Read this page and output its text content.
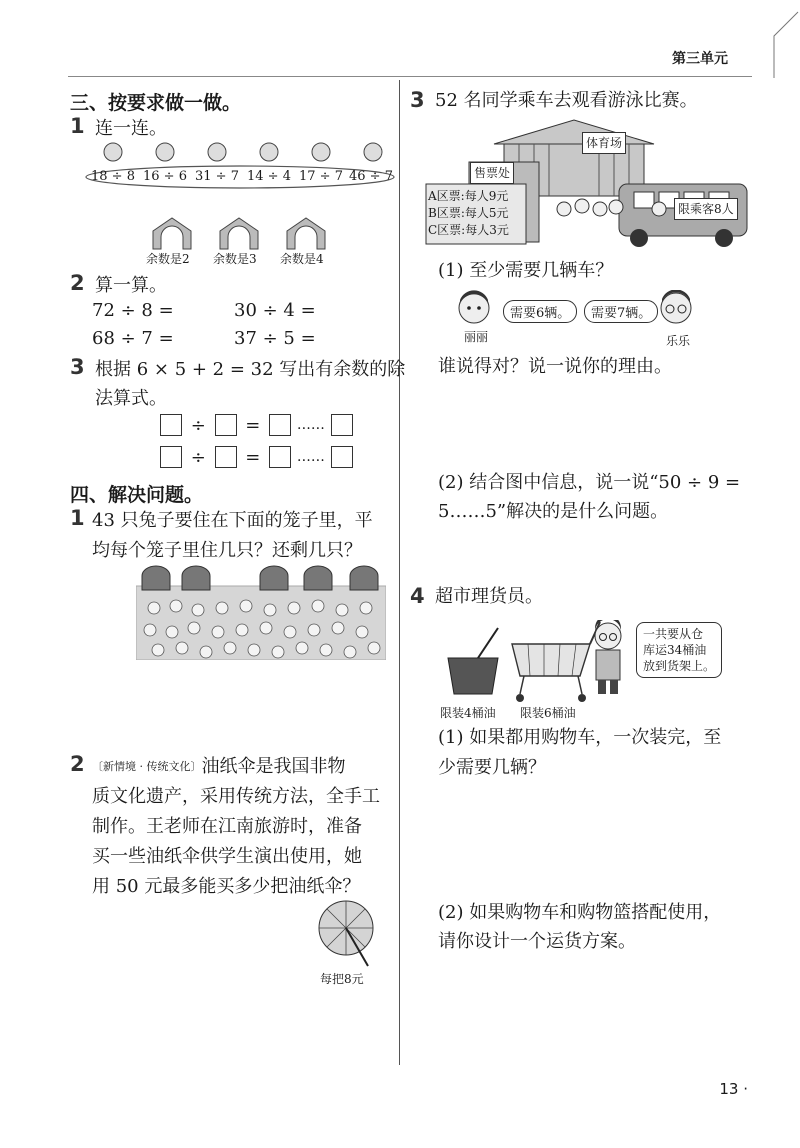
第三单元
三、按要求做一做。
1 连一连。
18 ÷ 8 16 ÷ 6 31 ÷ 7 14 ÷ 4 17 ÷ 7 46 ÷ 7
余数是2 余数是3 余数是4
2 算一算。
72 ÷ 8 =	30 ÷ 4 =
68 ÷ 7 =	37 ÷ 5 =
3 根据 6 × 5 + 2 = 32 写出有余数的除
法算式。
÷ =	……
÷ =	……
四、解决问题。
1 43 只兔子要住在下面的笼子里，平
均每个笼子里住几只？还剩几只？
2 〔新情境 · 传统文化〕油纸伞是我国非物
质文化遗产，采用传统方法，全手工
制作。王老师在江南旅游时，准备
买一些油纸伞供学生演出使用，她
用 50 元最多能买多少把油纸伞？
每把8元
3 52 名同学乘车去观看游泳比赛。
体育场
售票处
A区票:每人9元
B区票:每人5元
C区票:每人3元
限乘客8人
(1) 至少需要几辆车？
丽丽
需要6辆。	需要7辆。
乐乐
谁说得对？说一说你的理由。
(2) 结合图中信息，说一说“50 ÷ 9 =
5……5”解决的是什么问题。
4 超市理货员。
一共要从仓
库运34桶油
放到货架上。
限装4桶油 限装6桶油
(1) 如果都用购物车，一次装完，至
少需要几辆？
(2) 如果购物车和购物篮搭配使用，
请你设计一个运货方案。
13 ·
